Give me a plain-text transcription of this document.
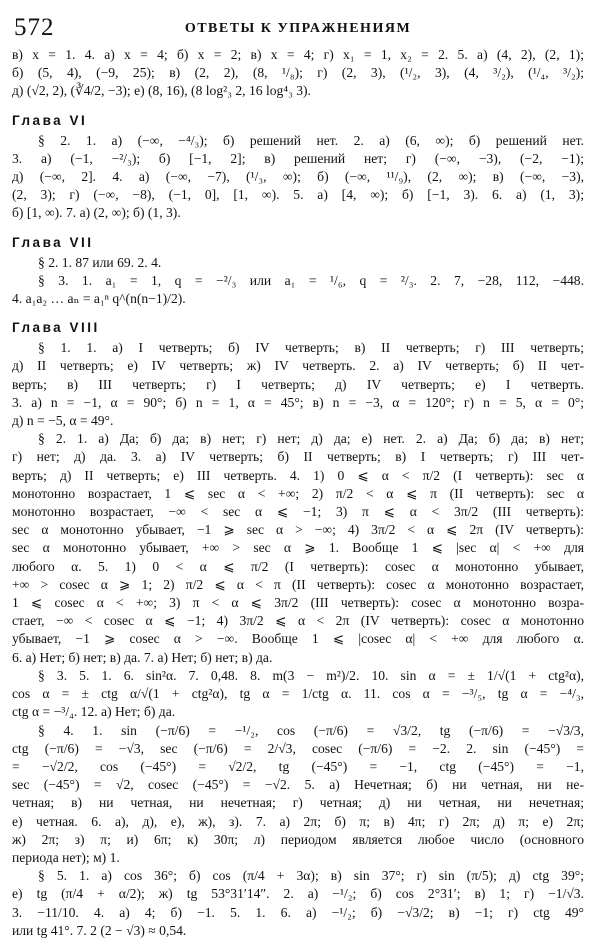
572	ОТВЕТЫ К УПРАЖНЕНИЯМ
в) x = 1. 4. а) x = 4; б) x = 2; в) x = 4; г) x₁ = 1, x₂ = 2. 5. а) (4, 2), (2, 1);
б) (5, 4), (−9, 25); в) (2, 2), (8, ¹/₈); г) (2, 3), (¹/₂, 3), (4, ³/₂), (¹/₄, ³/₂);
д) (√2, 2), (∛4/2, −3); е) (8, 16), (8 log²₃ 2, 16 log⁴₃ 3).
Глава VI
§ 2. 1. а) (−∞, −⁴/₃); б) решений нет. 2. а) (6, ∞); б) решений нет.
3. а) (−1, −²/₃); б) [−1, 2]; в) решений нет; г) (−∞, −3), (−2, −1);
д) (−∞, 2]. 4. а) (−∞, −7), (¹/₃, ∞); б) (−∞, ¹¹/₉), (2, ∞); в) (−∞, −3),
(2, 3); г) (−∞, −8), (−1, 0], [1, ∞). 5. а) [4, ∞); б) [−1, 3). 6. а) (1, 3);
б) [1, ∞). 7. а) (2, ∞); б) (1, 3).
Глава VII
§ 2. 1. 87 или 69. 2. 4.
§ 3. 1. a₁ = 1, q = −²/₃ или a₁ = ¹/₆, q = ²/₃. 2. 7, −28, 112, −448.
4. a₁a₂ … aₙ = a₁ⁿ q^(n(n−1)/2).
Глава VIII
§ 1. 1. а) I четверть; б) IV четверть; в) II четверть; г) III четверть;
д) II четверть; е) IV четверть; ж) IV четверть. 2. а) IV четверть; б) II чет-
верть; в) III четверть; г) I четверть; д) IV четверть; е) I четверть.
3. а) n = −1, α = 90°; б) n = 1, α = 45°; в) n = −3, α = 120°; г) n = 5, α = 0°;
д) n = −5, α = 49°.
§ 2. 1. а) Да; б) да; в) нет; г) нет; д) да; е) нет. 2. а) Да; б) да; в) нет;
г) нет; д) да. 3. а) IV четверть; б) II четверть; в) I четверть; г) III чет-
верть; д) II четверть; е) III четверть. 4. 1) 0 ⩽ α < π/2 (I четверть): sec α
монотонно возрастает, 1 ⩽ sec α < +∞; 2) π/2 < α ⩽ π (II четверть): sec α
монотонно возрастает, −∞ < sec α ⩽ −1; 3) π ⩽ α < 3π/2 (III четверть):
sec α монотонно убывает, −1 ⩾ sec α > −∞; 4) 3π/2 < α ⩽ 2π (IV четверть):
sec α монотонно убывает, +∞ > sec α ⩾ 1. Вообще 1 ⩽ |sec α| < +∞ для
любого α. 5. 1) 0 < α ⩽ π/2 (I четверть): cosec α монотонно убывает,
+∞ > cosec α ⩾ 1; 2) π/2 ⩽ α < π (II четверть): cosec α монотонно возрастает,
1 ⩽ cosec α < +∞; 3) π < α ⩽ 3π/2 (III четверть): cosec α монотонно возра-
стает, −∞ < cosec α ⩽ −1; 4) 3π/2 ⩽ α < 2π (IV четверть): cosec α монотонно
убывает, −1 ⩾ cosec α > −∞. Вообще 1 ⩽ |cosec α| < +∞ для любого α.
6. а) Нет; б) нет; в) да. 7. а) Нет; б) нет; в) да.
§ 3. 5. 1. 6. sin²α. 7. 0,48. 8. m(3 − m²)/2. 10. sin α = ± 1/√(1 + ctg²α),
cos α = ± ctg α/√(1 + ctg²α), tg α = 1/ctg α. 11. cos α = −³/₅, tg α = −⁴/₃,
ctg α = −³/₄. 12. а) Нет; б) да.
§ 4. 1. sin (−π/6) = −¹/₂, cos (−π/6) = √3/2, tg (−π/6) = −√3/3,
ctg (−π/6) = −√3, sec (−π/6) = 2/√3, cosec (−π/6) = −2. 2. sin (−45°) =
= −√2/2, cos (−45°) = √2/2, tg (−45°) = −1, ctg (−45°) = −1,
sec (−45°) = √2, cosec (−45°) = −√2. 5. а) Нечетная; б) ни четная, ни не-
четная; в) ни четная, ни нечетная; г) четная; д) ни четная, ни нечетная;
е) четная. 6. а), д), е), ж), з). 7. а) 2π; б) π; в) 4π; г) 2π; д) π; е) 2π;
ж) 2π; з) π; и) 6π; к) 30π; л) периодом является любое число (основного
периода нет); м) 1.
§ 5. 1. а) cos 36°; б) cos (π/4 + 3α); в) sin 37°; г) sin (π/5); д) ctg 39°;
е) tg (π/4 + α/2); ж) tg 53°31′14″. 2. а) −¹/₂; б) cos 2°31′; в) 1; г) −1/√3.
3. −11/10. 4. а) 4; б) −1. 5. 1. 6. а) −¹/₂; б) −√3/2; в) −1; г) ctg 49°
или tg 41°. 7. 2 (2 − √3) ≈ 0,54.
